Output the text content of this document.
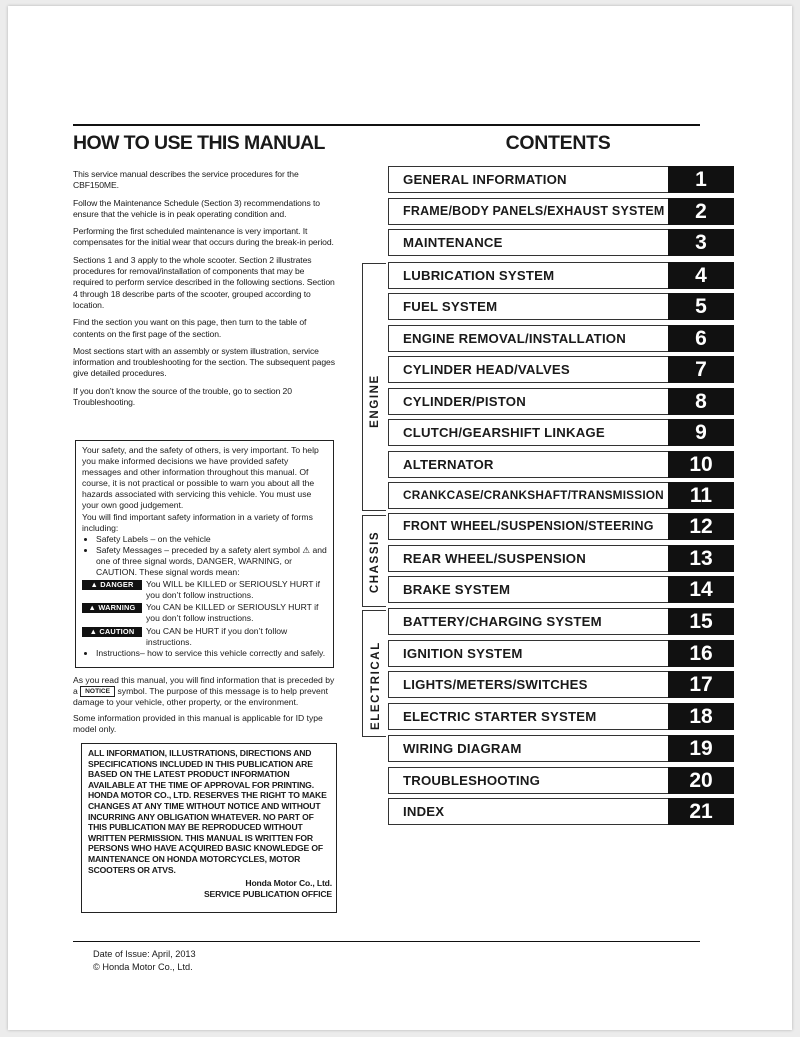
HOW TO USE THIS MANUAL	CONTENTS

This service manual describes the service procedures for the CBF150ME.

Follow the Maintenance Schedule (Section 3) recommendations to ensure that the vehicle is in peak operating condition and.

Performing the first scheduled maintenance is very important. It compensates for the initial wear that occurs during the break-in period.

Sections 1 and 3 apply to the whole scooter. Section 2 illustrates procedures for removal/installation of components that may be required to perform service described in the following sections. Section 4 through 18 describe parts of the scooter, grouped according to location.

Find the section you want on this page, then turn to the table of contents on the first page of the section.

Most sections start with an assembly or system illustration, service information and troubleshooting for the section. The subsequent pages give detailed procedures.

If you don’t know the source of the trouble, go to section 20 Troubleshooting.

Your safety, and the safety of others, is very important. To help you make informed decisions we have provided safety messages and other information throughout this manual. Of course, it is not practical or possible to warn you about all the hazards associated with servicing this vehicle. You must use your own good judgement.

You will find important safety information in a variety of forms including:

• Safety Labels – on the vehicle
• Safety Messages – preceded by a safety alert symbol ⚠ and one of three signal words, DANGER, WARNING, or CAUTION. These signal words mean:
▲ DANGER	You WILL be KILLED or SERIOUSLY HURT if you don’t follow instructions.
▲ WARNING	You CAN be KILLED or SERIOUSLY HURT if you don’t follow instructions.
▲ CAUTION	You CAN be HURT if you don’t follow instructions.
• Instructions– how to service this vehicle correctly and safely.

As you read this manual, you will find information that is preceded by a NOTICE symbol. The purpose of this message is to help prevent damage to your vehicle, other property, or the environment.

Some information provided in this manual is applicable for ID type model only.

ALL INFORMATION, ILLUSTRATIONS, DIRECTIONS AND SPECIFICATIONS INCLUDED IN THIS PUBLICATION ARE BASED ON THE LATEST PRODUCT INFORMATION AVAILABLE AT THE TIME OF APPROVAL FOR PRINTING. HONDA MOTOR CO., LTD. RESERVES THE RIGHT TO MAKE CHANGES AT ANY TIME WITHOUT NOTICE AND WITHOUT INCURRING ANY OBLIGATION WHATEVER. NO PART OF THIS PUBLICATION MAY BE REPRODUCED WITHOUT WRITTEN PERMISSION. THIS MANUAL IS WRITTEN FOR PERSONS WHO HAVE ACQUIRED BASIC KNOWLEDGE OF MAINTENANCE ON HONDA MOTORCYCLES, MOTOR SCOOTERS OR ATVS.
Honda Motor Co., Ltd.
SERVICE PUBLICATION OFFICE
Date of Issue: April, 2013
© Honda Motor Co., Ltd.
GENERAL INFORMATION	1
FRAME/BODY PANELS/EXHAUST SYSTEM	2
MAINTENANCE	3
LUBRICATION SYSTEM	4
FUEL SYSTEM	5
ENGINE REMOVAL/INSTALLATION	6
CYLINDER HEAD/VALVES	7
CYLINDER/PISTON	8
CLUTCH/GEARSHIFT LINKAGE	9
ALTERNATOR	10
CRANKCASE/CRANKSHAFT/TRANSMISSION	11
FRONT WHEEL/SUSPENSION/STEERING	12
REAR WHEEL/SUSPENSION	13
BRAKE SYSTEM	14
BATTERY/CHARGING SYSTEM	15
IGNITION SYSTEM	16
LIGHTS/METERS/SWITCHES	17
ELECTRIC STARTER SYSTEM	18
WIRING DIAGRAM	19
TROUBLESHOOTING	20
INDEX	21
ENGINE
CHASSIS
ELECTRICAL
